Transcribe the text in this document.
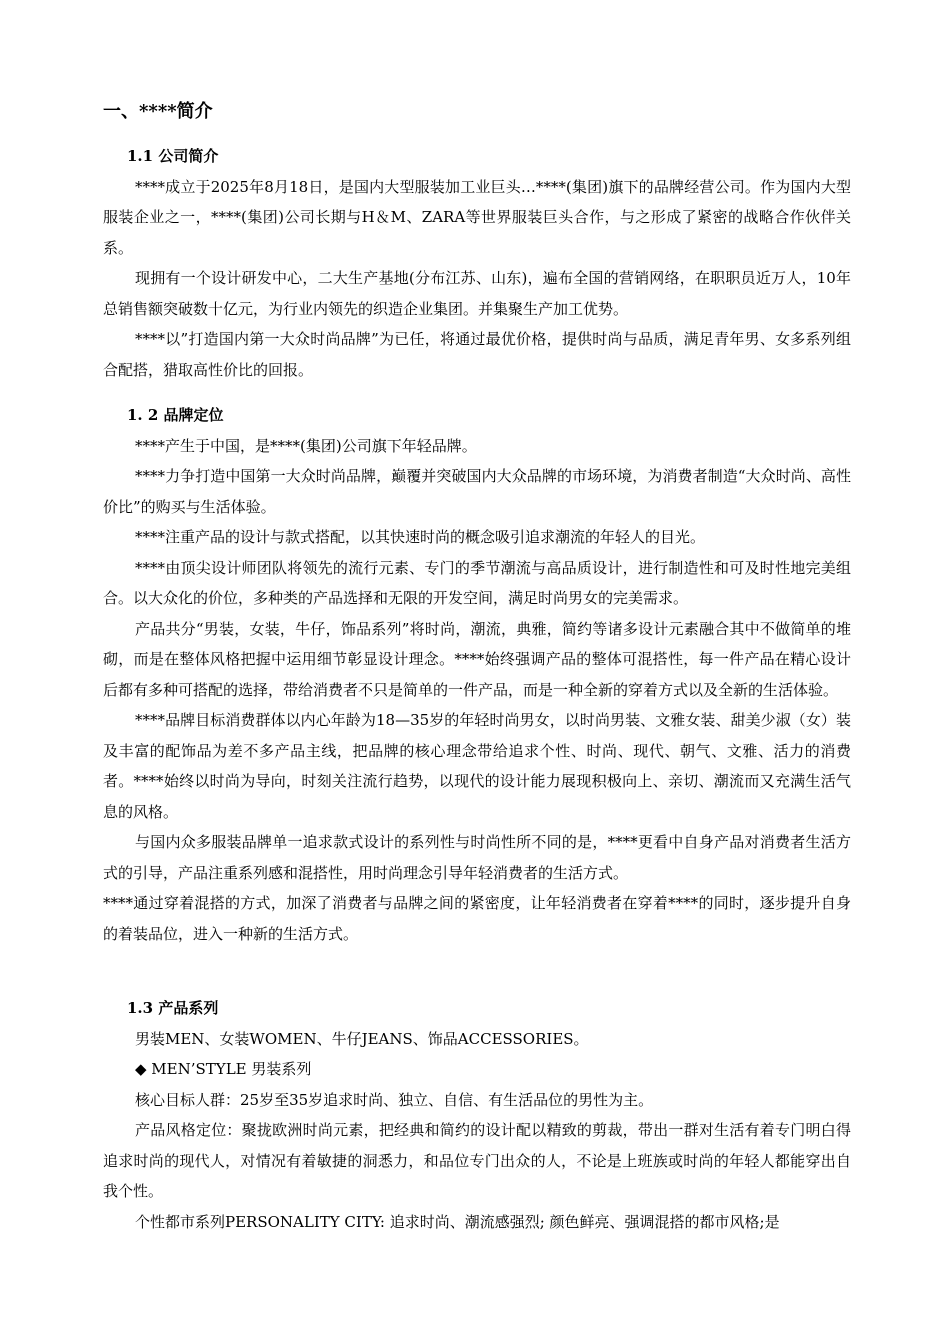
一、****简介
1.1 公司简介
****成立于2025年8月18日，是国内大型服装加工业巨头…****(集团)旗下的品牌经营公司。作为国内大型服装企业之一，****(集团)公司长期与H＆M、ZARA等世界服装巨头合作，与之形成了紧密的战略合作伙伴关系。
现拥有一个设计研发中心，二大生产基地(分布江苏、山东)，遍布全国的营销网络，在职职员近万人，10年总销售额突破数十亿元，为行业内领先的织造企业集团。并集聚生产加工优势。
****以”打造国内第一大众时尚品牌”为已任，将通过最优价格，提供时尚与品质，满足青年男、女多系列组合配搭，猎取高性价比的回报。
1. 2 品牌定位
****产生于中国，是****(集团)公司旗下年轻品牌。
****力争打造中国第一大众时尚品牌，巅覆并突破国内大众品牌的市场环境，为消费者制造“大众时尚、高性价比”的购买与生活体验。
****注重产品的设计与款式搭配，以其快速时尚的概念吸引追求潮流的年轻人的目光。
****由顶尖设计师团队将领先的流行元素、专门的季节潮流与高品质设计，进行制造性和可及时性地完美组合。以大众化的价位，多种类的产品选择和无限的开发空间，满足时尚男女的完美需求。
产品共分“男装，女装，牛仔，饰品系列”将时尚，潮流，典雅，简约等诸多设计元素融合其中不做简单的堆砌，而是在整体风格把握中运用细节彰显设计理念。****始终强调产品的整体可混搭性，每一件产品在精心设计后都有多种可搭配的选择，带给消费者不只是简单的一件产品，而是一种全新的穿着方式以及全新的生活体验。
****品牌目标消费群体以内心年龄为18—35岁的年轻时尚男女，以时尚男装、文雅女装、甜美少淑（女）装及丰富的配饰品为差不多产品主线，把品牌的核心理念带给追求个性、时尚、现代、朝气、文雅、活力的消费者。****始终以时尚为导向，时刻关注流行趋势，以现代的设计能力展现积极向上、亲切、潮流而又充满生活气息的风格。
与国内众多服装品牌单一追求款式设计的系列性与时尚性所不同的是，****更看中自身产品对消费者生活方式的引导，产品注重系列感和混搭性，用时尚理念引导年轻消费者的生活方式。
****通过穿着混搭的方式，加深了消费者与品牌之间的紧密度，让年轻消费者在穿着****的同时，逐步提升自身的着装品位，进入一种新的生活方式。
1.3 产品系列
男装MEN、女装WOMEN、牛仔JEANS、饰品ACCESSORIES。
◆ MEN’STYLE 男装系列
核心目标人群：25岁至35岁追求时尚、独立、自信、有生活品位的男性为主。
产品风格定位：聚拢欧洲时尚元素，把经典和简约的设计配以精致的剪裁，带出一群对生活有着专门明白得追求时尚的现代人，对情况有着敏捷的洞悉力，和品位专门出众的人，不论是上班族或时尚的年轻人都能穿出自我个性。
个性都市系列PERSONALITY CITY: 追求时尚、潮流感强烈; 颜色鲜亮、强调混搭的都市风格;是
